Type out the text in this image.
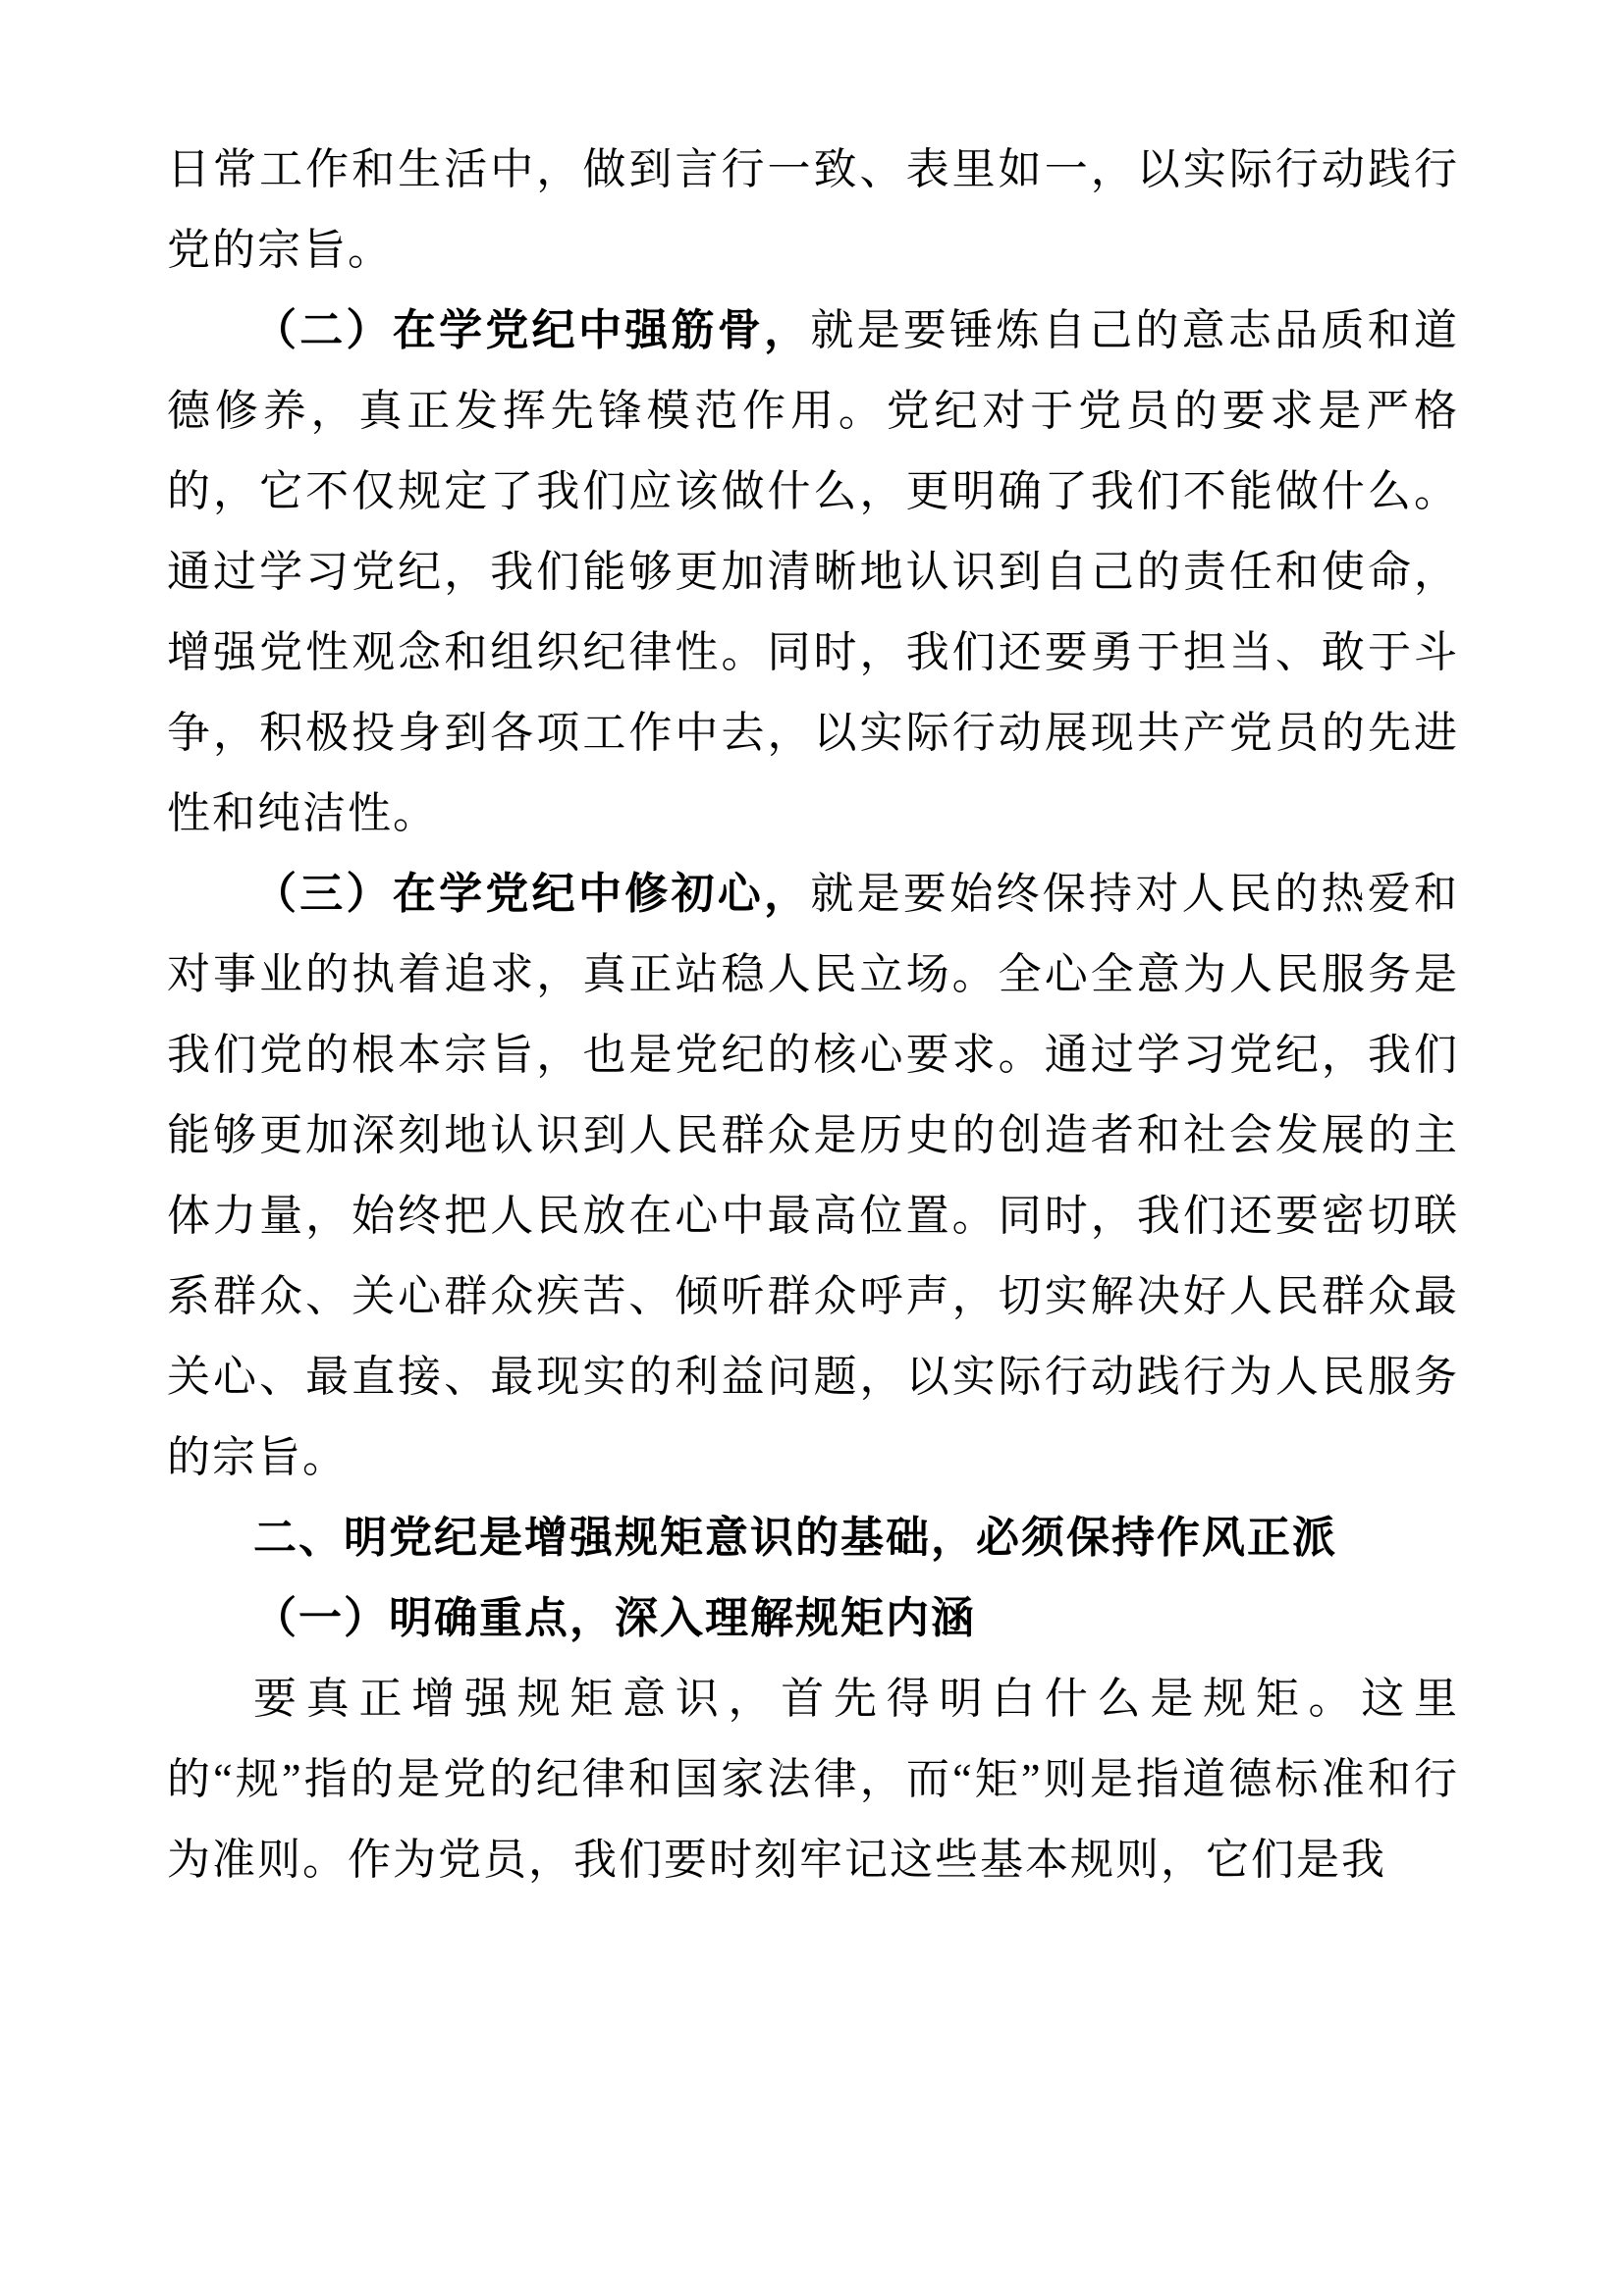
日常工作和生活中，做到言行一致、表里如一，以实际行动践行党的宗旨。

（二）在学党纪中强筋骨，就是要锤炼自己的意志品质和道德修养，真正发挥先锋模范作用。党纪对于党员的要求是严格的，它不仅规定了我们应该做什么，更明确了我们不能做什么。通过学习党纪，我们能够更加清晰地认识到自己的责任和使命，增强党性观念和组织纪律性。同时，我们还要勇于担当、敢于斗争，积极投身到各项工作中去，以实际行动展现共产党员的先进性和纯洁性。

（三）在学党纪中修初心，就是要始终保持对人民的热爱和对事业的执着追求，真正站稳人民立场。全心全意为人民服务是我们党的根本宗旨，也是党纪的核心要求。通过学习党纪，我们能够更加深刻地认识到人民群众是历史的创造者和社会发展的主体力量，始终把人民放在心中最高位置。同时，我们还要密切联系群众、关心群众疾苦、倾听群众呼声，切实解决好人民群众最关心、最直接、最现实的利益问题，以实际行动践行为人民服务的宗旨。

二、明党纪是增强规矩意识的基础，必须保持作风正派
（一）明确重点，深入理解规矩内涵

要真正增强规矩意识，首先得明白什么是规矩。这里的“规”指的是党的纪律和国家法律，而“矩”则是指道德标准和行为准则。作为党员，我们要时刻牢记这些基本规则，它们是我
